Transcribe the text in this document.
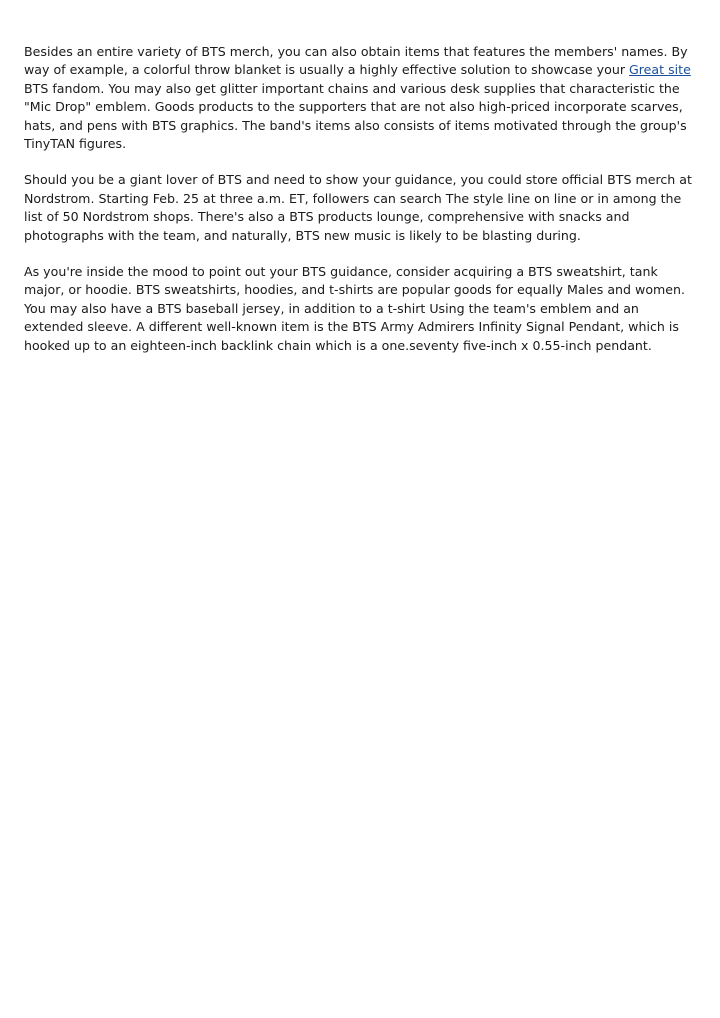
Besides an entire variety of BTS merch, you can also obtain items that features the members' names. By way of example, a colorful throw blanket is usually a highly effective solution to showcase your Great site BTS fandom. You may also get glitter important chains and various desk supplies that characteristic the "Mic Drop" emblem. Goods products to the supporters that are not also high-priced incorporate scarves, hats, and pens with BTS graphics. The band's items also consists of items motivated through the group's TinyTAN figures.

Should you be a giant lover of BTS and need to show your guidance, you could store official BTS merch at Nordstrom. Starting Feb. 25 at three a.m. ET, followers can search The style line on line or in among the list of 50 Nordstrom shops. There's also a BTS products lounge, comprehensive with snacks and photographs with the team, and naturally, BTS new music is likely to be blasting during.

As you're inside the mood to point out your BTS guidance, consider acquiring a BTS sweatshirt, tank major, or hoodie. BTS sweatshirts, hoodies, and t-shirts are popular goods for equally Males and women. You may also have a BTS baseball jersey, in addition to a t-shirt Using the team's emblem and an extended sleeve. A different well-known item is the BTS Army Admirers Infinity Signal Pendant, which is hooked up to an eighteen-inch backlink chain which is a one.seventy five-inch x 0.55-inch pendant.
